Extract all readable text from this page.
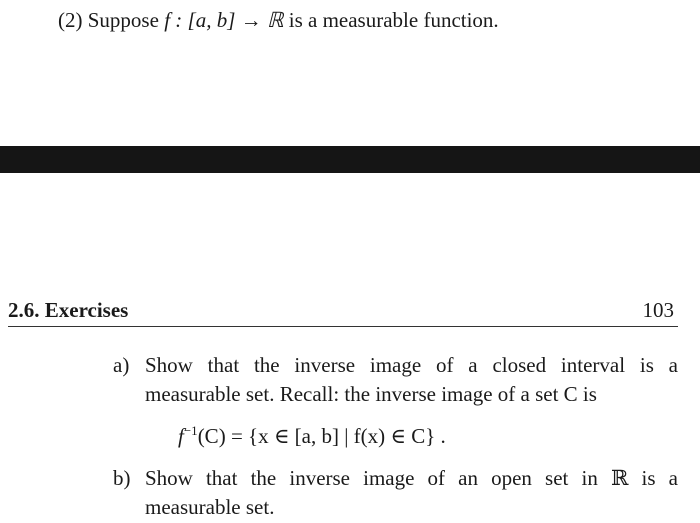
(2) Suppose f : [a, b] → ℝ is a measurable function.
2.6. Exercises	103
a) Show that the inverse image of a closed interval is a measurable set. Recall: the inverse image of a set C is
$f^{-1}(C) = \{x$ ∈ [a, b] | f(x) ∈ C} .
b) Show that the inverse image of an open set in ℝ is a measurable set.
